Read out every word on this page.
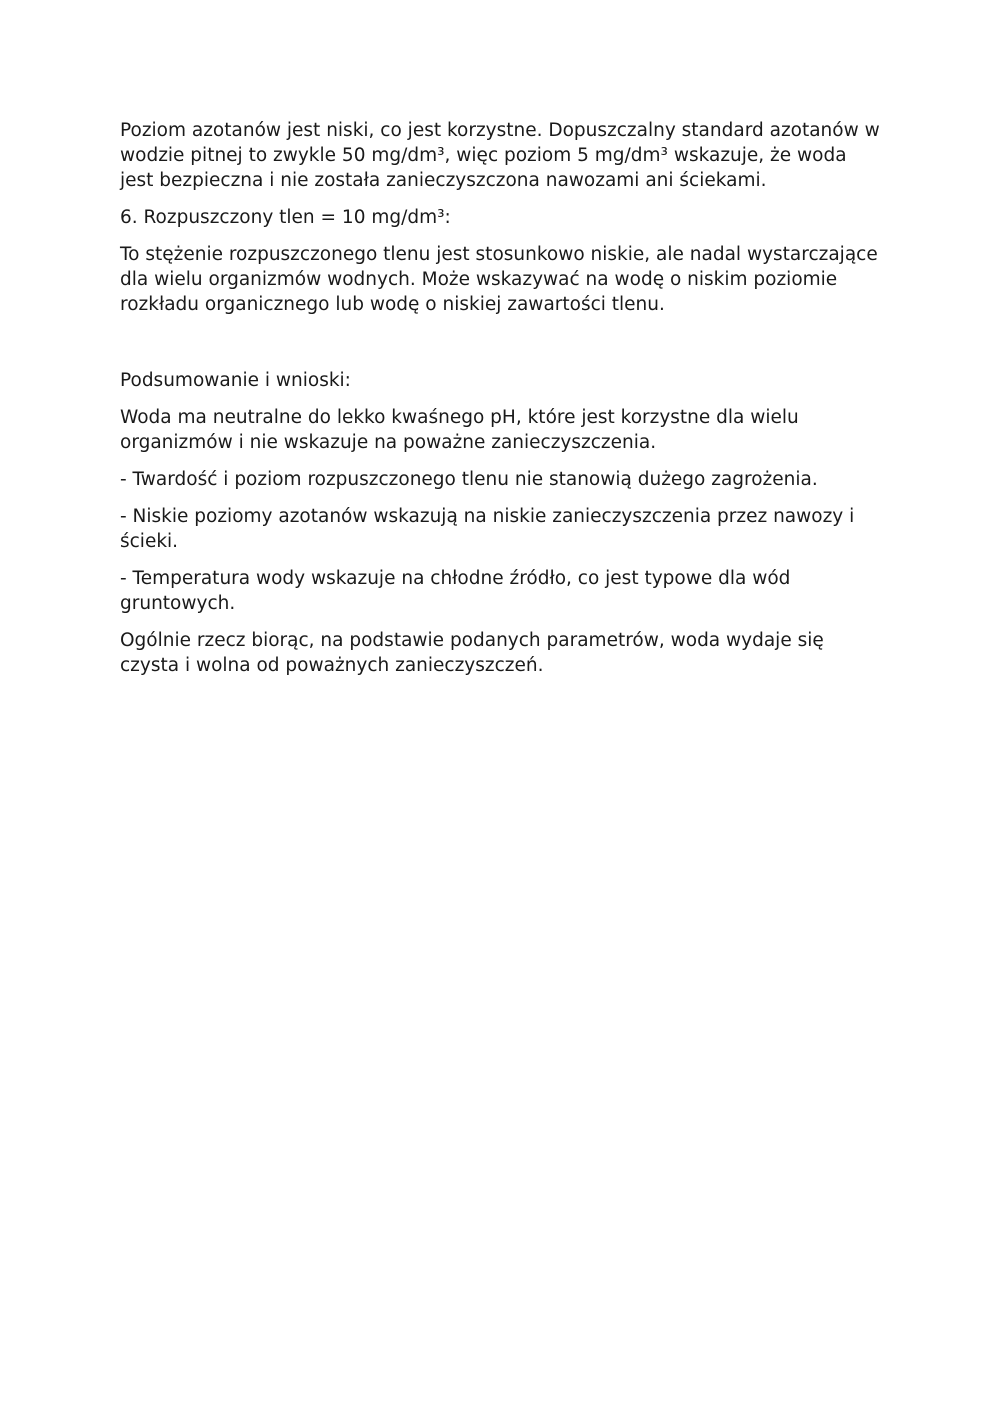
Poziom azotanów jest niski, co jest korzystne. Dopuszczalny standard azotanów w wodzie pitnej to zwykle 50 mg/dm³, więc poziom 5 mg/dm³ wskazuje, że woda jest bezpieczna i nie została zanieczyszczona nawozami ani ściekami.

6. Rozpuszczony tlen = 10 mg/dm³:

To stężenie rozpuszczonego tlenu jest stosunkowo niskie, ale nadal wystarczające dla wielu organizmów wodnych. Może wskazywać na wodę o niskim poziomie rozkładu organicznego lub wodę o niskiej zawartości tlenu.

Podsumowanie i wnioski:

Woda ma neutralne do lekko kwaśnego pH, które jest korzystne dla wielu organizmów i nie wskazuje na poważne zanieczyszczenia.

- Twardość i poziom rozpuszczonego tlenu nie stanowią dużego zagrożenia.

- Niskie poziomy azotanów wskazują na niskie zanieczyszczenia przez nawozy i ścieki.

- Temperatura wody wskazuje na chłodne źródło, co jest typowe dla wód gruntowych.

Ogólnie rzecz biorąc, na podstawie podanych parametrów, woda wydaje się czysta i wolna od poważnych zanieczyszczeń.
